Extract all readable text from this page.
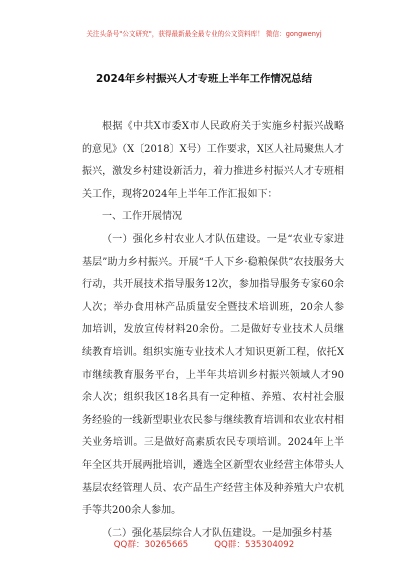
关注头条号"公文研究"，获得最新最全最专业的公文资料库！ 微信：gongwenyj
2024年乡村振兴人才专班上半年工作情况总结

根据《中共X市委X市人民政府关于实施乡村振兴战略的意见》（X〔2018〕X号）工作要求，X区人社局聚焦人才振兴，激发乡村建设新活力，着力推进乡村振兴人才专班相关工作，现将2024年上半年工作汇报如下：

一、工作开展情况

（一）强化乡村农业人才队伍建设。一是“农业专家进基层”助力乡村振兴。开展“千人下乡·稳粮保供”农技服务大行动，共开展技术指导服务12次，参加指导服务专家60余人次；举办食用林产品质量安全暨技术培训班，20余人参加培训，发放宣传材料20余份。二是做好专业技术人员继续教育培训。组织实施专业技术人才知识更新工程，依托X市继续教育服务平台，上半年共培训乡村振兴领域人才90余人次；组织我区18名具有一定种植、养殖、农村社会服务经验的一线新型职业农民参与继续教育培训和农业农村相关业务培训。三是做好高素质农民专项培训。2024年上半年全区共开展两批培训，遴选全区新型农业经营主体带头人基层农经管理人员、农产品生产经营主体及种养殖大户农机手等共200余人参加。

（二）强化基层综合人才队伍建设。一是加强乡村基

QQ群：30265665	QQ群：535304092
